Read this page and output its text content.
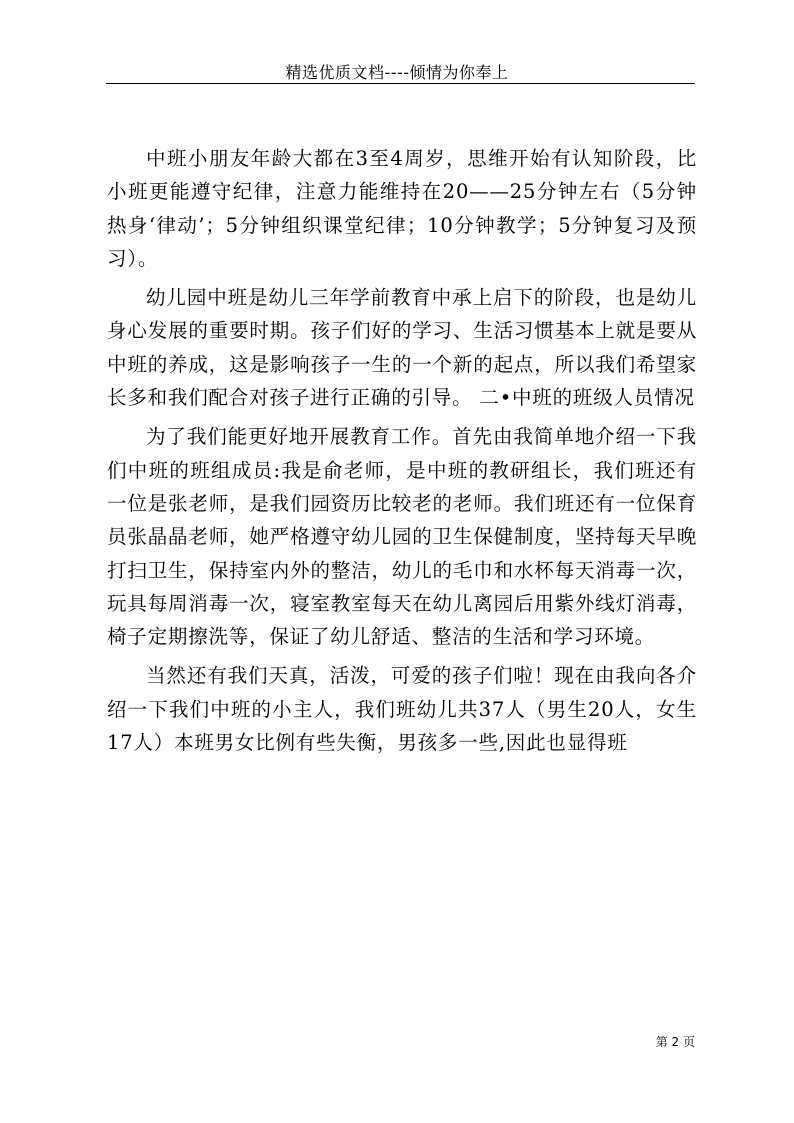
精选优质文档----倾情为你奉上

中班小朋友年龄大都在3至4周岁，思维开始有认知阶段，比小班更能遵守纪律，注意力能维持在20——25分钟左右（5分钟热身‘律动’；5分钟组织课堂纪律；10分钟教学；5分钟复习及预习）。

幼儿园中班是幼儿三年学前教育中承上启下的阶段，也是幼儿身心发展的重要时期。孩子们好的学习、生活习惯基本上就是要从中班的养成，这是影响孩子一生的一个新的起点，所以我们希望家长多和我们配合对孩子进行正确的引导。 二•中班的班级人员情况

为了我们能更好地开展教育工作。首先由我简单地介绍一下我们中班的班组成员:我是俞老师，是中班的教研组长，我们班还有一位是张老师，是我们园资历比较老的老师。我们班还有一位保育员张晶晶老师，她严格遵守幼儿园的卫生保健制度，坚持每天早晚打扫卫生，保持室内外的整洁，幼儿的毛巾和水杯每天消毒一次，玩具每周消毒一次，寝室教室每天在幼儿离园后用紫外线灯消毒，椅子定期擦洗等，保证了幼儿舒适、整洁的生活和学习环境。

当然还有我们天真，活泼，可爱的孩子们啦！现在由我向各介绍一下我们中班的小主人，我们班幼儿共37人（男生20人，女生17人）本班男女比例有些失衡，男孩多一些,因此也显得班

第 2 页
